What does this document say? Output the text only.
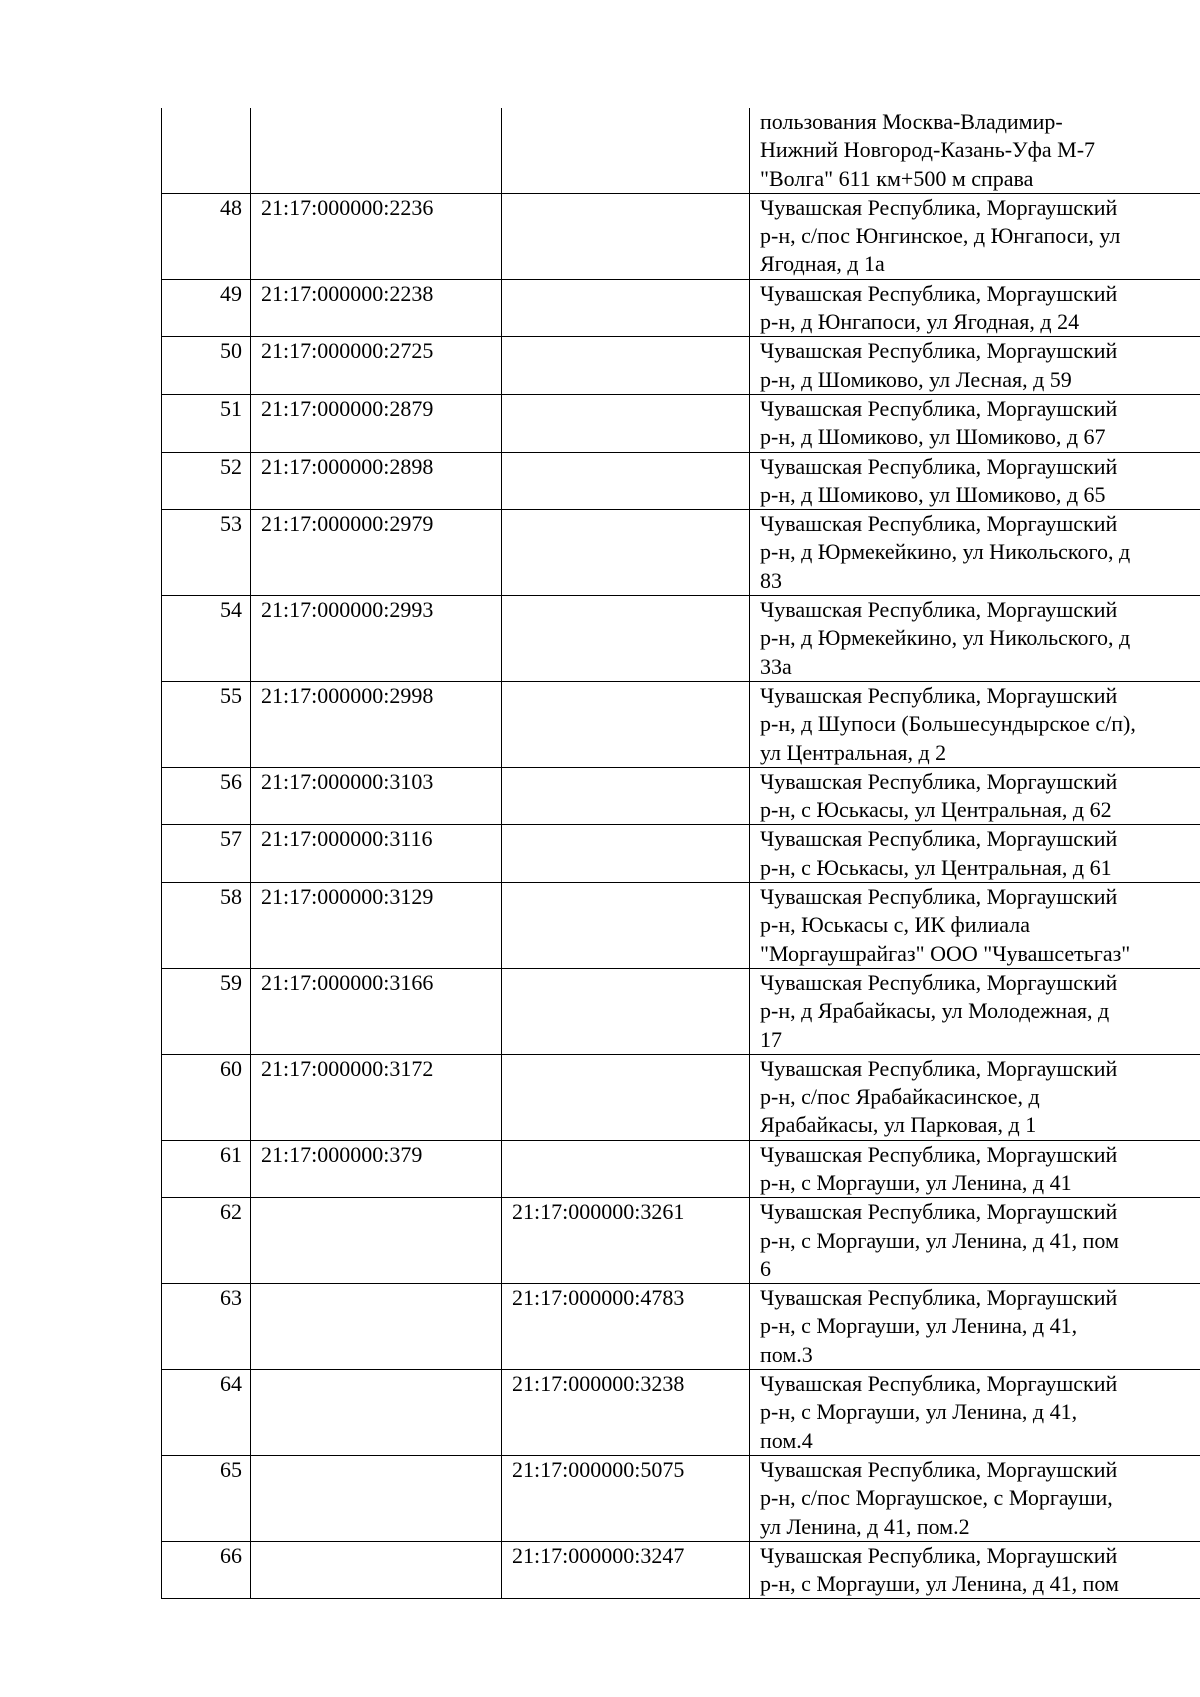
			пользования Москва-Владимир-
Нижний Новгород-Казань-Уфа М-7
"Волга" 611 км+500 м справа

48	21:17:000000:2236		Чувашская Республика, Моргаушский
р-н, с/пос Юнгинское, д Юнгапоси, ул
Ягодная, д 1а

49	21:17:000000:2238		Чувашская Республика, Моргаушский
р-н, д Юнгапоси, ул Ягодная, д 24

50	21:17:000000:2725		Чувашская Республика, Моргаушский
р-н, д Шомиково, ул Лесная, д 59

51	21:17:000000:2879		Чувашская Республика, Моргаушский
р-н, д Шомиково, ул Шомиково, д 67

52	21:17:000000:2898		Чувашская Республика, Моргаушский
р-н, д Шомиково, ул Шомиково, д 65

53	21:17:000000:2979		Чувашская Республика, Моргаушский
р-н, д Юрмекейкино, ул Никольского, д
83

54	21:17:000000:2993		Чувашская Республика, Моргаушский
р-н, д Юрмекейкино, ул Никольского, д
33а

55	21:17:000000:2998		Чувашская Республика, Моргаушский
р-н, д Шупоси (Большесундырское с/п),
ул Центральная, д 2

56	21:17:000000:3103		Чувашская Республика, Моргаушский
р-н, с Юськасы, ул Центральная, д 62

57	21:17:000000:3116		Чувашская Республика, Моргаушский
р-н, с Юськасы, ул Центральная, д 61

58	21:17:000000:3129		Чувашская Республика, Моргаушский
р-н, Юськасы с, ИК филиала
"Моргаушрайгаз" ООО "Чувашсетьгаз"

59	21:17:000000:3166		Чувашская Республика, Моргаушский
р-н, д Ярабайкасы, ул Молодежная, д
17

60	21:17:000000:3172		Чувашская Республика, Моргаушский
р-н, с/пос Ярабайкасинское, д
Ярабайкасы, ул Парковая, д 1

61	21:17:000000:379		Чувашская Республика, Моргаушский
р-н, с Моргауши, ул Ленина, д 41

62		21:17:000000:3261	Чувашская Республика, Моргаушский
р-н, с Моргауши, ул Ленина, д 41, пом
6

63		21:17:000000:4783	Чувашская Республика, Моргаушский
р-н, с Моргауши, ул Ленина, д 41,
пом.3

64		21:17:000000:3238	Чувашская Республика, Моргаушский
р-н, с Моргауши, ул Ленина, д 41,
пом.4

65		21:17:000000:5075	Чувашская Республика, Моргаушский
р-н, с/пос Моргаушское, с Моргауши,
ул Ленина, д 41, пом.2

66		21:17:000000:3247	Чувашская Республика, Моргаушский
р-н, с Моргауши, ул Ленина, д 41, пом
